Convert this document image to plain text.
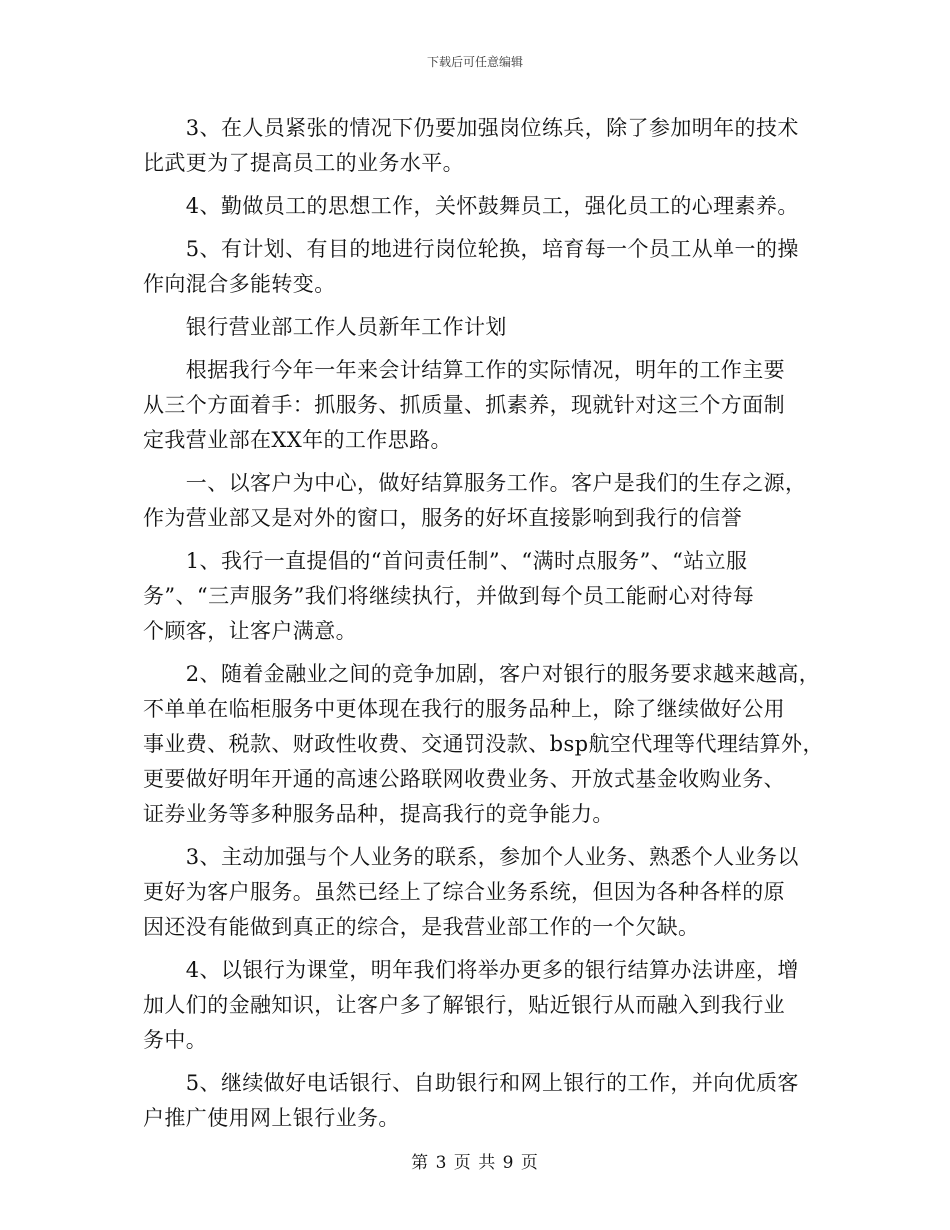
下载后可任意编辑

　　3、在人员紧张的情况下仍要加强岗位练兵，除了参加明年的技术
比武更为了提高员工的业务水平。

　　4、勤做员工的思想工作，关怀鼓舞员工，强化员工的心理素养。

　　5、有计划、有目的地进行岗位轮换，培育每一个员工从单一的操
作向混合多能转变。

　　银行营业部工作人员新年工作计划

　　根据我行今年一年来会计结算工作的实际情况，明年的工作主要
从三个方面着手：抓服务、抓质量、抓素养，现就针对这三个方面制
定我营业部在XX年的工作思路。

　　一、以客户为中心，做好结算服务工作。客户是我们的生存之源，
作为营业部又是对外的窗口，服务的好坏直接影响到我行的信誉

　　1、我行一直提倡的“首问责任制”、“满时点服务”、“站立服
务”、“三声服务”我们将继续执行，并做到每个员工能耐心对待每
个顾客，让客户满意。

　　2、随着金融业之间的竞争加剧，客户对银行的服务要求越来越高，
不单单在临柜服务中更体现在我行的服务品种上，除了继续做好公用
事业费、税款、财政性收费、交通罚没款、bsp航空代理等代理结算外，
更要做好明年开通的高速公路联网收费业务、开放式基金收购业务、
证券业务等多种服务品种，提高我行的竞争能力。

　　3、主动加强与个人业务的联系，参加个人业务、熟悉个人业务以
更好为客户服务。虽然已经上了综合业务系统，但因为各种各样的原
因还没有能做到真正的综合，是我营业部工作的一个欠缺。

　　4、以银行为课堂，明年我们将举办更多的银行结算办法讲座，增
加人们的金融知识，让客户多了解银行，贴近银行从而融入到我行业
务中。

　　5、继续做好电话银行、自助银行和网上银行的工作，并向优质客
户推广使用网上银行业务。

第 3 页 共 9 页
